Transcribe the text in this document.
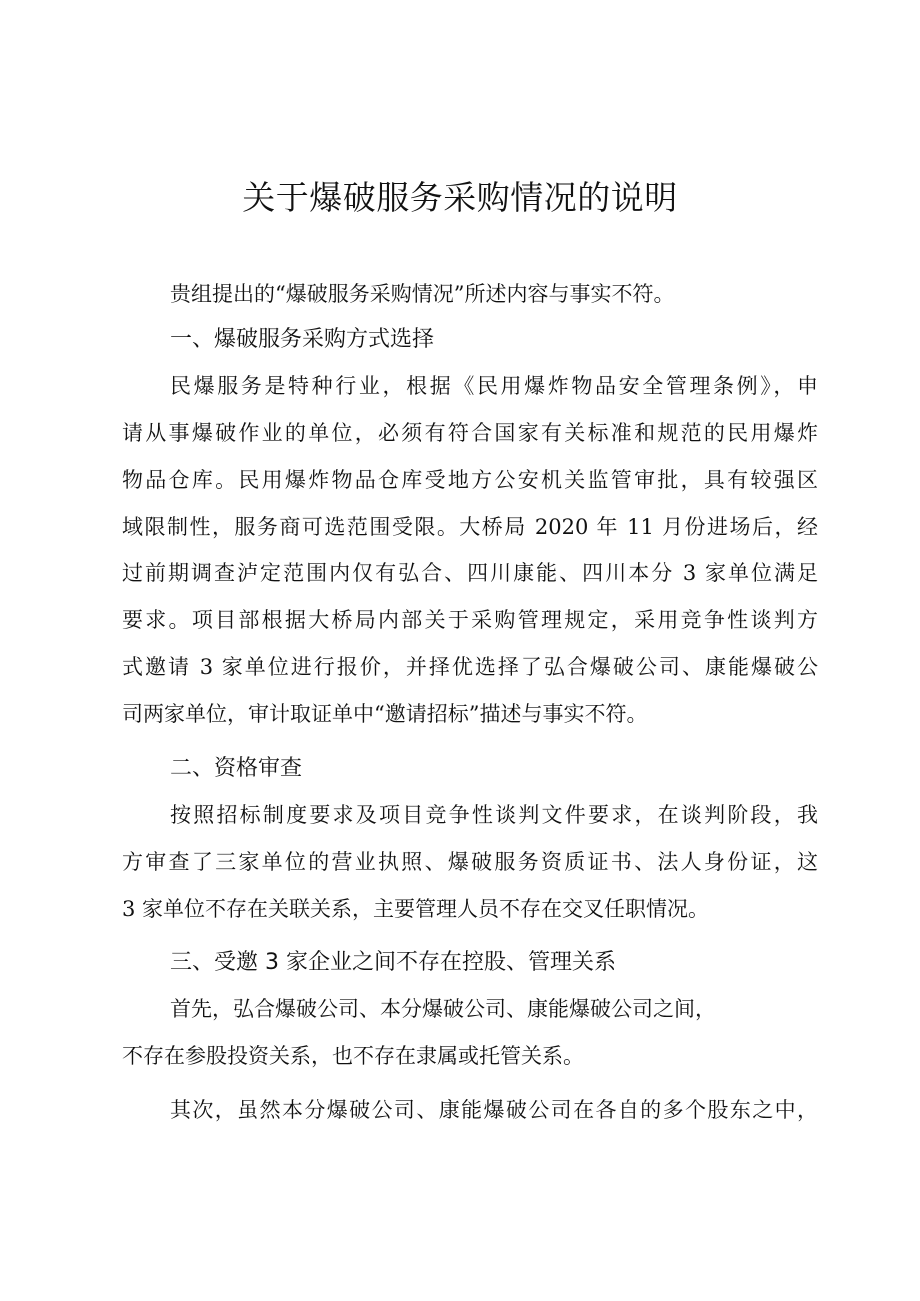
关于爆破服务采购情况的说明
贵组提出的“爆破服务采购情况”所述内容与事实不符。
一、爆破服务采购方式选择
民爆服务是特种行业，根据《民用爆炸物品安全管理条例》，申
请从事爆破作业的单位，必须有符合国家有关标准和规范的民用爆炸
物品仓库。民用爆炸物品仓库受地方公安机关监管审批，具有较强区
域限制性，服务商可选范围受限。大桥局 2020 年 11 月份进场后，经
过前期调查泸定范围内仅有弘合、四川康能、四川本分 3 家单位满足
要求。项目部根据大桥局内部关于采购管理规定，采用竞争性谈判方
式邀请 3 家单位进行报价，并择优选择了弘合爆破公司、康能爆破公
司两家单位，审计取证单中“邀请招标”描述与事实不符。
二、资格审查
按照招标制度要求及项目竞争性谈判文件要求，在谈判阶段，我
方审查了三家单位的营业执照、爆破服务资质证书、法人身份证，这
3 家单位不存在关联关系，主要管理人员不存在交叉任职情况。
三、受邀 3 家企业之间不存在控股、管理关系
首先，弘合爆破公司、本分爆破公司、康能爆破公司之间，
不存在参股投资关系，也不存在隶属或托管关系。
其次，虽然本分爆破公司、康能爆破公司在各自的多个股东之中，
